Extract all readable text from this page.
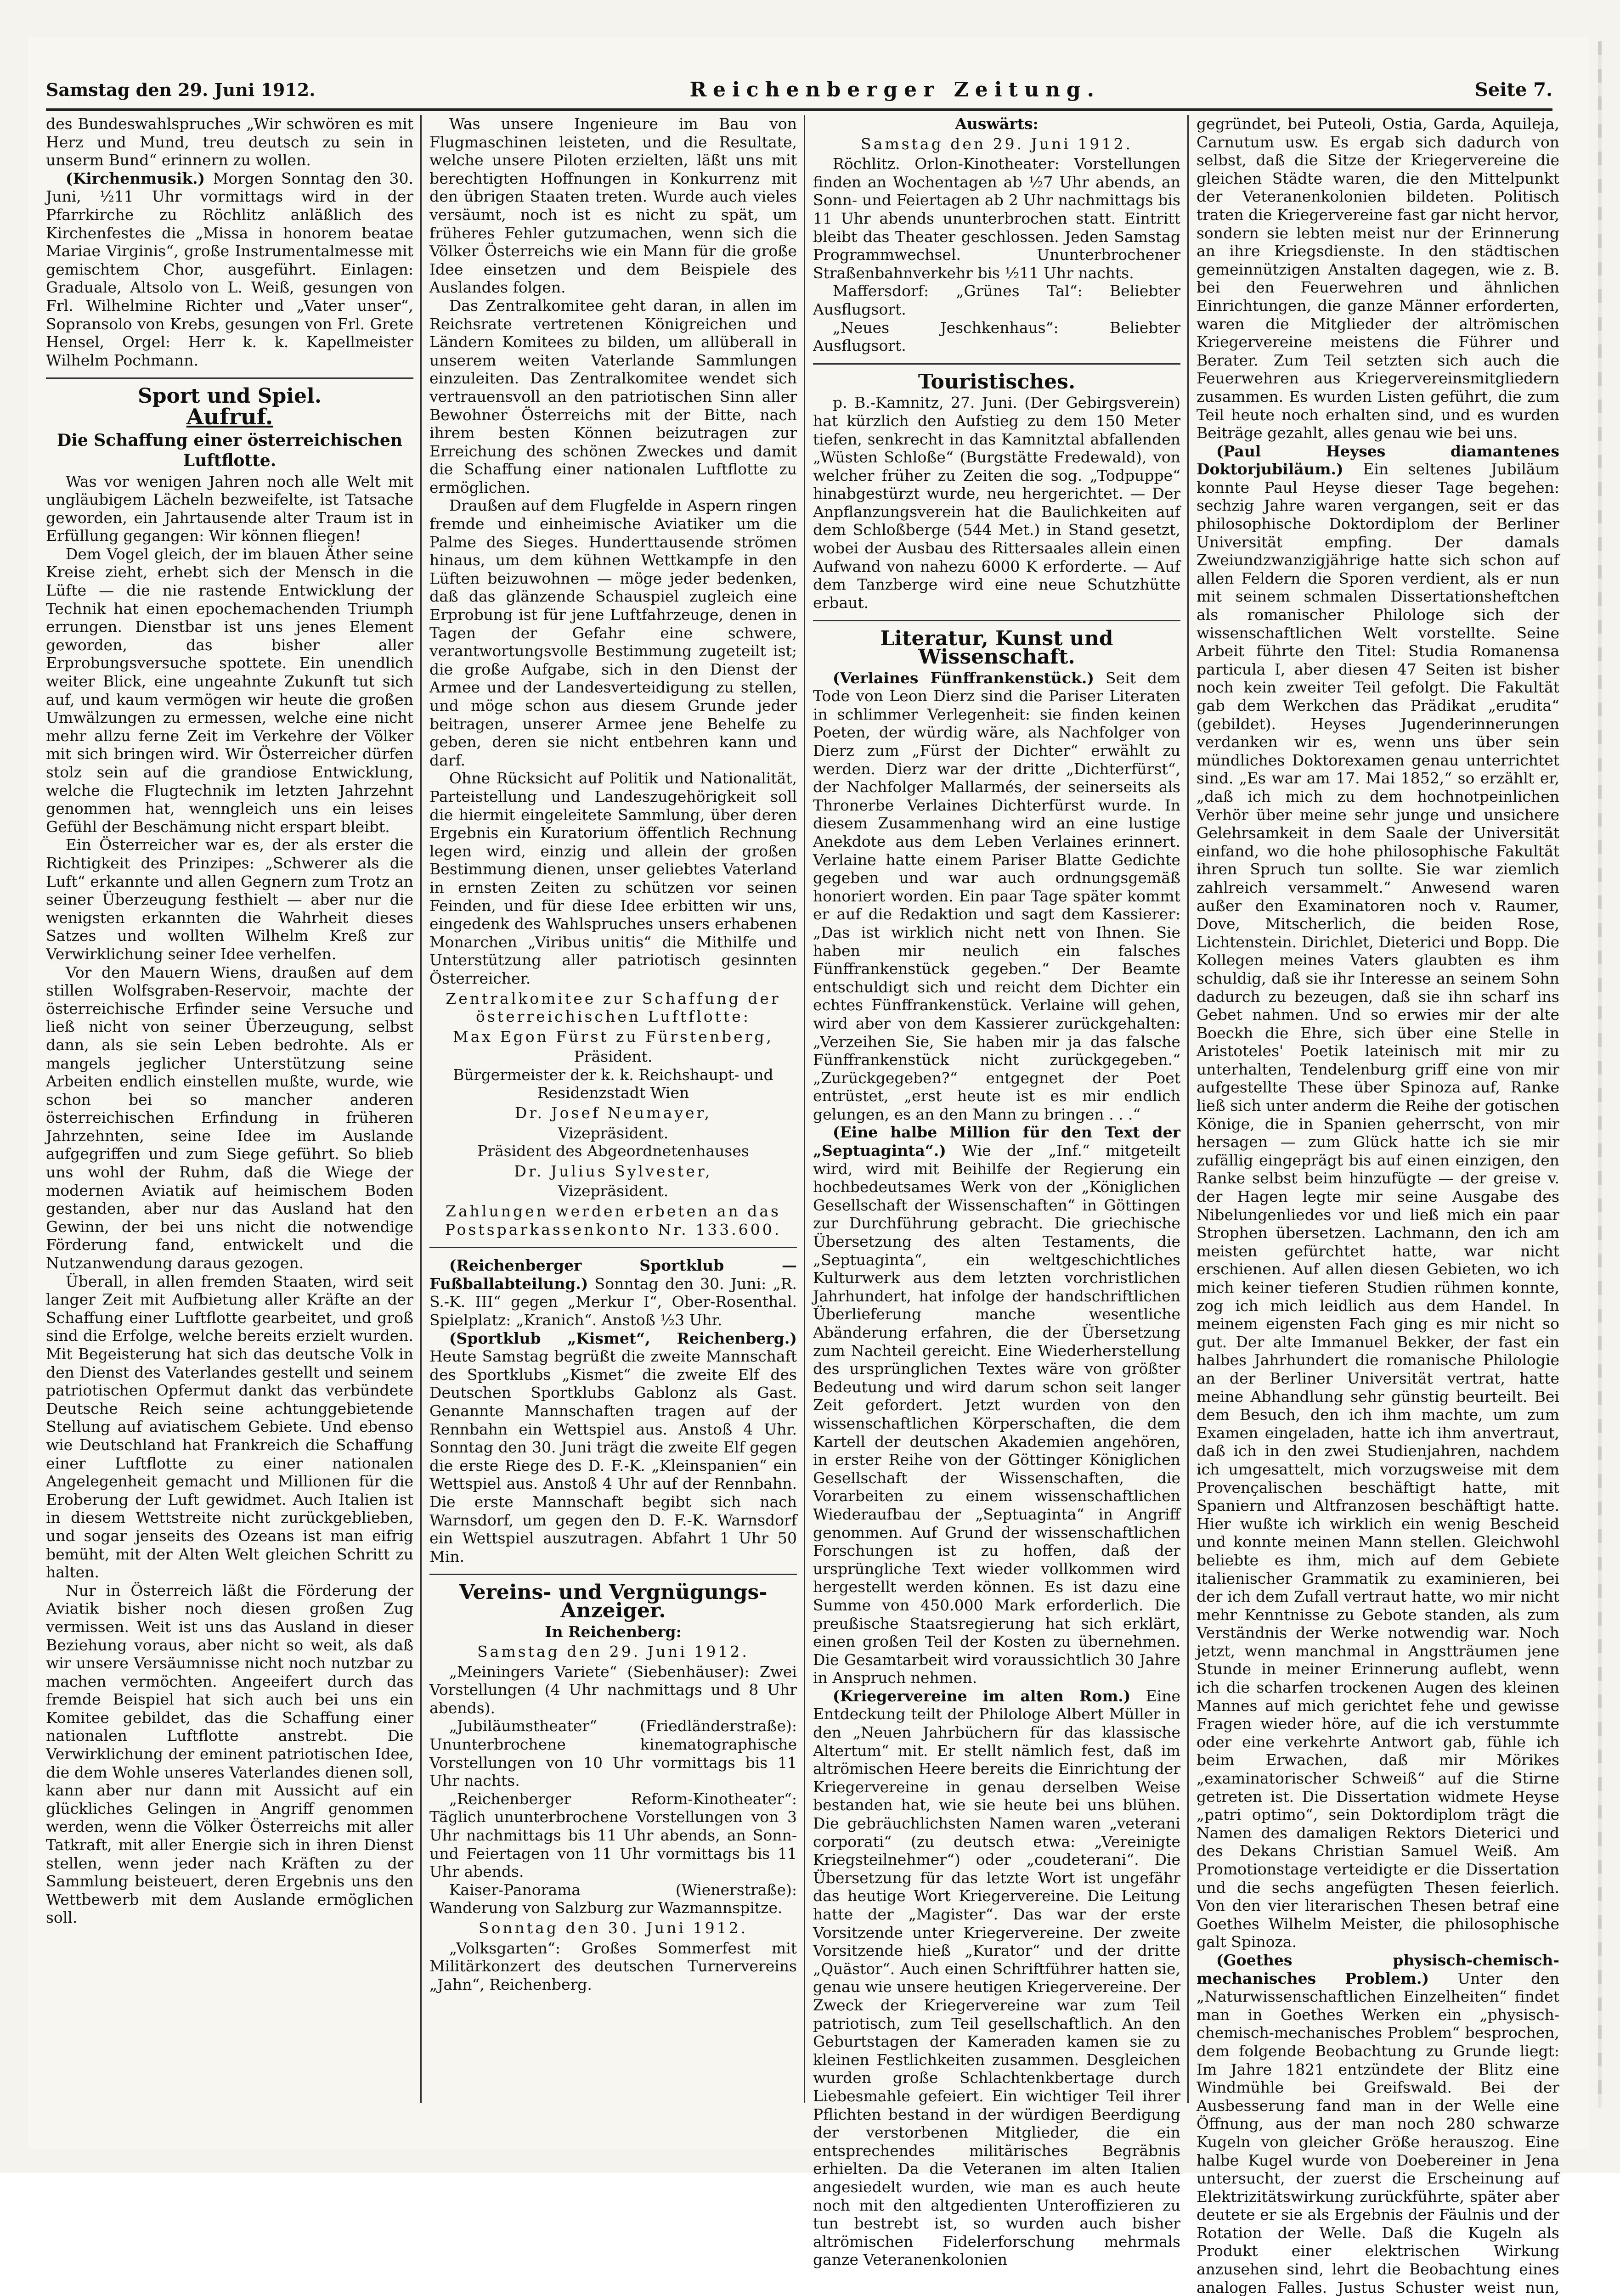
Samstag den 29. Juni 1912.	Reichenberger Zeitung.	Seite 7.

des Bundeswahlspruches „Wir schwören es mit Herz und Mund, treu deutsch zu sein in unserm Bund“ erinnern zu wollen.

(Kirchenmusik.) Morgen Sonntag den 30. Juni, ½11 Uhr vormittags wird in der Pfarrkirche zu Röchlitz anläßlich des Kirchenfestes die „Missa in honorem beatae Mariae Virginis“, große Instrumentalmesse mit gemischtem Chor, ausgeführt. Einlagen: Graduale, Altsolo von L. Weiß, gesungen von Frl. Wilhelmine Richter und „Vater unser“, Sopransolo von Krebs, gesungen von Frl. Grete Hensel, Orgel: Herr k. k. Kapellmeister Wilhelm Pochmann.

Sport und Spiel.
Aufruf.
Die Schaffung einer österreichischen Luftflotte.

Was vor wenigen Jahren noch alle Welt mit ungläubigem Lächeln bezweifelte, ist Tatsache geworden, ein Jahrtausende alter Traum ist in Erfüllung gegangen: Wir können fliegen!

Dem Vogel gleich, der im blauen Äther seine Kreise zieht, erhebt sich der Mensch in die Lüfte — die nie rastende Entwicklung der Technik hat einen epochemachenden Triumph errungen. Dienstbar ist uns jenes Element geworden, das bisher aller Erprobungsversuche spottete. Ein unendlich weiter Blick, eine ungeahnte Zukunft tut sich auf, und kaum vermögen wir heute die großen Umwälzungen zu ermessen, welche eine nicht mehr allzu ferne Zeit im Verkehre der Völker mit sich bringen wird. Wir Österreicher dürfen stolz sein auf die grandiose Entwicklung, welche die Flugtechnik im letzten Jahrzehnt genommen hat, wenngleich uns ein leises Gefühl der Beschämung nicht erspart bleibt.

Ein Österreicher war es, der als erster die Richtigkeit des Prinzipes: „Schwerer als die Luft“ erkannte und allen Gegnern zum Trotz an seiner Überzeugung festhielt — aber nur die wenigsten erkannten die Wahrheit dieses Satzes und wollten Wilhelm Kreß zur Verwirklichung seiner Idee verhelfen.

Vor den Mauern Wiens, draußen auf dem stillen Wolfsgraben-Reservoir, machte der österreichische Erfinder seine Versuche und ließ nicht von seiner Überzeugung, selbst dann, als sie sein Leben bedrohte. Als er mangels jeglicher Unterstützung seine Arbeiten endlich einstellen mußte, wurde, wie schon bei so mancher anderen österreichischen Erfindung in früheren Jahrzehnten, seine Idee im Auslande aufgegriffen und zum Siege geführt. So blieb uns wohl der Ruhm, daß die Wiege der modernen Aviatik auf heimischem Boden gestanden, aber nur das Ausland hat den Gewinn, der bei uns nicht die notwendige Förderung fand, entwickelt und die Nutzanwendung daraus gezogen.

Überall, in allen fremden Staaten, wird seit langer Zeit mit Aufbietung aller Kräfte an der Schaffung einer Luftflotte gearbeitet, und groß sind die Erfolge, welche bereits erzielt wurden. Mit Begeisterung hat sich das deutsche Volk in den Dienst des Vaterlandes gestellt und seinem patriotischen Opfermut dankt das verbündete Deutsche Reich seine achtunggebietende Stellung auf aviatischem Gebiete. Und ebenso wie Deutschland hat Frankreich die Schaffung einer Luftflotte zu einer nationalen Angelegenheit gemacht und Millionen für die Eroberung der Luft gewidmet. Auch Italien ist in diesem Wettstreite nicht zurückgeblieben, und sogar jenseits des Ozeans ist man eifrig bemüht, mit der Alten Welt gleichen Schritt zu halten.

Nur in Österreich läßt die Förderung der Aviatik bisher noch diesen großen Zug vermissen. Weit ist uns das Ausland in dieser Beziehung voraus, aber nicht so weit, als daß wir unsere Versäumnisse nicht noch nutzbar zu machen vermöchten. Angeeifert durch das fremde Beispiel hat sich auch bei uns ein Komitee gebildet, das die Schaffung einer nationalen Luftflotte anstrebt. Die Verwirklichung der eminent patriotischen Idee, die dem Wohle unseres Vaterlandes dienen soll, kann aber nur dann mit Aussicht auf ein glückliches Gelingen in Angriff genommen werden, wenn die Völker Österreichs mit aller Tatkraft, mit aller Energie sich in ihren Dienst stellen, wenn jeder nach Kräften zu der Sammlung beisteuert, deren Ergebnis uns den Wettbewerb mit dem Auslande ermöglichen soll.

Was unsere Ingenieure im Bau von Flugmaschinen leisteten, und die Resultate, welche unsere Piloten erzielten, läßt uns mit berechtigten Hoffnungen in Konkurrenz mit den übrigen Staaten treten. Wurde auch vieles versäumt, noch ist es nicht zu spät, um früheres Fehler gutzumachen, wenn sich die Völker Österreichs wie ein Mann für die große Idee einsetzen und dem Beispiele des Auslandes folgen.

Das Zentralkomitee geht daran, in allen im Reichsrate vertretenen Königreichen und Ländern Komitees zu bilden, um allüberall in unserem weiten Vaterlande Sammlungen einzuleiten. Das Zentralkomitee wendet sich vertrauensvoll an den patriotischen Sinn aller Bewohner Österreichs mit der Bitte, nach ihrem besten Können beizutragen zur Erreichung des schönen Zweckes und damit die Schaffung einer nationalen Luftflotte zu ermöglichen.

Draußen auf dem Flugfelde in Aspern ringen fremde und einheimische Aviatiker um die Palme des Sieges. Hunderttausende strömen hinaus, um dem kühnen Wettkampfe in den Lüften beizuwohnen — möge jeder bedenken, daß das glänzende Schauspiel zugleich eine Erprobung ist für jene Luftfahrzeuge, denen in Tagen der Gefahr eine schwere, verantwortungsvolle Bestimmung zugeteilt ist; die große Aufgabe, sich in den Dienst der Armee und der Landesverteidigung zu stellen, und möge schon aus diesem Grunde jeder beitragen, unserer Armee jene Behelfe zu geben, deren sie nicht entbehren kann und darf.

Ohne Rücksicht auf Politik und Nationalität, Parteistellung und Landeszugehörigkeit soll die hiermit eingeleitete Sammlung, über deren Ergebnis ein Kuratorium öffentlich Rechnung legen wird, einzig und allein der großen Bestimmung dienen, unser geliebtes Vaterland in ernsten Zeiten zu schützen vor seinen Feinden, und für diese Idee erbitten wir uns, eingedenk des Wahlspruches unsers erhabenen Monarchen „Viribus unitis“ die Mithilfe und Unterstützung aller patriotisch gesinnten Österreicher.

Zentralkomitee zur Schaffung der österreichischen Luftflotte:

Max Egon Fürst zu Fürstenberg,

Präsident.

Bürgermeister der k. k. Reichshaupt- und Residenzstadt Wien

Dr. Josef Neumayer,

Vizepräsident.

Präsident des Abgeordnetenhauses

Dr. Julius Sylvester,

Vizepräsident.

Zahlungen werden erbeten an das Postsparkassenkonto Nr. 133.600.

(Reichenberger Sportklub — Fußballabteilung.) Sonntag den 30. Juni: „R. S.-K. III“ gegen „Merkur I“, Ober-Rosenthal. Spielplatz: „Kranich“. Anstoß ½3 Uhr.

(Sportklub „Kismet“, Reichenberg.) Heute Samstag begrüßt die zweite Mannschaft des Sportklubs „Kismet“ die zweite Elf des Deutschen Sportklubs Gablonz als Gast. Genannte Mannschaften tragen auf der Rennbahn ein Wettspiel aus. Anstoß 4 Uhr. Sonntag den 30. Juni trägt die zweite Elf gegen die erste Riege des D. F.-K. „Kleinspanien“ ein Wettspiel aus. Anstoß 4 Uhr auf der Rennbahn. Die erste Mannschaft begibt sich nach Warnsdorf, um gegen den D. F.-K. Warnsdorf ein Wettspiel auszutragen. Abfahrt 1 Uhr 50 Min.

Vereins- und Vergnügungs-Anzeiger.

In Reichenberg:

Samstag den 29. Juni 1912.

„Meiningers Variete“ (Siebenhäuser): Zwei Vorstellungen (4 Uhr nachmittags und 8 Uhr abends).

„Jubiläumstheater“ (Friedländerstraße): Ununterbrochene kinematographische Vorstellungen von 10 Uhr vormittags bis 11 Uhr nachts.

„Reichenberger Reform-Kinotheater“: Täglich ununterbrochene Vorstellungen von 3 Uhr nachmittags bis 11 Uhr abends, an Sonn- und Feiertagen von 11 Uhr vormittags bis 11 Uhr abends.

Kaiser-Panorama (Wienerstraße): Wanderung von Salzburg zur Wazmannspitze.

Sonntag den 30. Juni 1912.

„Volksgarten“: Großes Sommerfest mit Militärkonzert des deutschen Turnervereins „Jahn“, Reichenberg.

Auswärts:

Samstag den 29. Juni 1912.

Röchlitz. Orlon-Kinotheater: Vorstellungen finden an Wochentagen ab ½7 Uhr abends, an Sonn- und Feiertagen ab 2 Uhr nachmittags bis 11 Uhr abends ununterbrochen statt. Eintritt bleibt das Theater geschlossen. Jeden Samstag Programmwechsel. Ununterbrochener Straßenbahnverkehr bis ½11 Uhr nachts.

Maffersdorf: „Grünes Tal“: Beliebter Ausflugsort.

„Neues Jeschkenhaus“: Beliebter Ausflugsort.

Touristisches.

p. B.-Kamnitz, 27. Juni. (Der Gebirgsverein) hat kürzlich den Aufstieg zu dem 150 Meter tiefen, senkrecht in das Kamnitztal abfallenden „Wüsten Schloße“ (Burgstätte Fredewald), von welcher früher zu Zeiten die sog. „Todpuppe“ hinabgestürzt wurde, neu hergerichtet. — Der Anpflanzungsverein hat die Baulichkeiten auf dem Schloßberge (544 Met.) in Stand gesetzt, wobei der Ausbau des Rittersaales allein einen Aufwand von nahezu 6000 K erforderte. — Auf dem Tanzberge wird eine neue Schutzhütte erbaut.

Literatur, Kunst und Wissenschaft.

(Verlaines Fünffrankenstück.) Seit dem Tode von Leon Dierz sind die Pariser Literaten in schlimmer Verlegenheit: sie finden keinen Poeten, der würdig wäre, als Nachfolger von Dierz zum „Fürst der Dichter“ erwählt zu werden. Dierz war der dritte „Dichterfürst“, der Nachfolger Mallarmés, der seinerseits als Thronerbe Verlaines Dichterfürst wurde. In diesem Zusammenhang wird an eine lustige Anekdote aus dem Leben Verlaines erinnert. Verlaine hatte einem Pariser Blatte Gedichte gegeben und war auch ordnungsgemäß honoriert worden. Ein paar Tage später kommt er auf die Redaktion und sagt dem Kassierer: „Das ist wirklich nicht nett von Ihnen. Sie haben mir neulich ein falsches Fünffrankenstück gegeben.“ Der Beamte entschuldigt sich und reicht dem Dichter ein echtes Fünffrankenstück. Verlaine will gehen, wird aber von dem Kassierer zurückgehalten: „Verzeihen Sie, Sie haben mir ja das falsche Fünffrankenstück nicht zurückgegeben.“ „Zurückgegeben?“ entgegnet der Poet entrüstet, „erst heute ist es mir endlich gelungen, es an den Mann zu bringen . . .“

(Eine halbe Million für den Text der „Septuaginta“.) Wie der „Inf.“ mitgeteilt wird, wird mit Beihilfe der Regierung ein hochbedeutsames Werk von der „Königlichen Gesellschaft der Wissenschaften“ in Göttingen zur Durchführung gebracht. Die griechische Übersetzung des alten Testaments, die „Septuaginta“, ein weltgeschichtliches Kulturwerk aus dem letzten vorchristlichen Jahrhundert, hat infolge der handschriftlichen Überlieferung manche wesentliche Abänderung erfahren, die der Übersetzung zum Nachteil gereicht. Eine Wiederherstellung des ursprünglichen Textes wäre von größter Bedeutung und wird darum schon seit langer Zeit gefordert. Jetzt wurden von den wissenschaftlichen Körperschaften, die dem Kartell der deutschen Akademien angehören, in erster Reihe von der Göttinger Königlichen Gesellschaft der Wissenschaften, die Vorarbeiten zu einem wissenschaftlichen Wiederaufbau der „Septuaginta“ in Angriff genommen. Auf Grund der wissenschaftlichen Forschungen ist zu hoffen, daß der ursprüngliche Text wieder vollkommen wird hergestellt werden können. Es ist dazu eine Summe von 450.000 Mark erforderlich. Die preußische Staatsregierung hat sich erklärt, einen großen Teil der Kosten zu übernehmen. Die Gesamtarbeit wird voraussichtlich 30 Jahre in Anspruch nehmen.

(Kriegervereine im alten Rom.) Eine Entdeckung teilt der Philologe Albert Müller in den „Neuen Jahrbüchern für das klassische Altertum“ mit. Er stellt nämlich fest, daß im altrömischen Heere bereits die Einrichtung der Kriegervereine in genau derselben Weise bestanden hat, wie sie heute bei uns blühen. Die gebräuchlichsten Namen waren „veterani corporati“ (zu deutsch etwa: „Vereinigte Kriegsteilnehmer“) oder „coudeterani“. Die Übersetzung für das letzte Wort ist ungefähr das heutige Wort Kriegervereine. Die Leitung hatte der „Magister“. Das war der erste Vorsitzende unter Kriegervereine. Der zweite Vorsitzende hieß „Kurator“ und der dritte „Quästor“. Auch einen Schriftführer hatten sie, genau wie unsere heutigen Kriegervereine. Der Zweck der Kriegervereine war zum Teil patriotisch, zum Teil gesellschaftlich. An den Geburtstagen der Kameraden kamen sie zu kleinen Festlichkeiten zusammen. Desgleichen wurden große Schlachtenkbertage durch Liebesmahle gefeiert. Ein wichtiger Teil ihrer Pflichten bestand in der würdigen Beerdigung der verstorbenen Mitglieder, die ein entsprechendes militärisches Begräbnis erhielten. Da die Veteranen im alten Italien angesiedelt wurden, wie man es auch heute noch mit den altgedienten Unteroffizieren zu tun bestrebt ist, so wurden auch bisher altrömischen Fidelerforschung mehrmals ganze Veteranenkolonien

gegründet, bei Puteoli, Ostia, Garda, Aquileja, Carnutum usw. Es ergab sich dadurch von selbst, daß die Sitze der Kriegervereine die gleichen Städte waren, die den Mittelpunkt der Veteranenkolonien bildeten. Politisch traten die Kriegervereine fast gar nicht hervor, sondern sie lebten meist nur der Erinnerung an ihre Kriegsdienste. In den städtischen gemeinnützigen Anstalten dagegen, wie z. B. bei den Feuerwehren und ähnlichen Einrichtungen, die ganze Männer erforderten, waren die Mitglieder der altrömischen Kriegervereine meistens die Führer und Berater. Zum Teil setzten sich auch die Feuerwehren aus Kriegervereinsmitgliedern zusammen. Es wurden Listen geführt, die zum Teil heute noch erhalten sind, und es wurden Beiträge gezahlt, alles genau wie bei uns.

(Paul Heyses diamantenes Doktorjubiläum.) Ein seltenes Jubiläum konnte Paul Heyse dieser Tage begehen: sechzig Jahre waren vergangen, seit er das philosophische Doktordiplom der Berliner Universität empfing. Der damals Zweiundzwanzigjährige hatte sich schon auf allen Feldern die Sporen verdient, als er nun mit seinem schmalen Dissertationsheftchen als romanischer Philologe sich der wissenschaftlichen Welt vorstellte. Seine Arbeit führte den Titel: Studia Romanensa particula I, aber diesen 47 Seiten ist bisher noch kein zweiter Teil gefolgt. Die Fakultät gab dem Werkchen das Prädikat „erudita“ (gebildet). Heyses Jugenderinnerungen verdanken wir es, wenn uns über sein mündliches Doktorexamen genau unterrichtet sind. „Es war am 17. Mai 1852,“ so erzählt er, „daß ich mich zu dem hochnotpeinlichen Verhör über meine sehr junge und unsichere Gelehrsamkeit in dem Saale der Universität einfand, wo die hohe philosophische Fakultät ihren Spruch tun sollte. Sie war ziemlich zahlreich versammelt.“ Anwesend waren außer den Examinatoren noch v. Raumer, Dove, Mitscherlich, die beiden Rose, Lichtenstein. Dirichlet, Dieterici und Bopp. Die Kollegen meines Vaters glaubten es ihm schuldig, daß sie ihr Interesse an seinem Sohn dadurch zu bezeugen, daß sie ihn scharf ins Gebet nahmen. Und so erwies mir der alte Boeckh die Ehre, sich über eine Stelle in Aristoteles' Poetik lateinisch mit mir zu unterhalten, Tendelenburg griff eine von mir aufgestellte These über Spinoza auf, Ranke ließ sich unter anderm die Reihe der gotischen Könige, die in Spanien geherrscht, von mir hersagen — zum Glück hatte ich sie mir zufällig eingeprägt bis auf einen einzigen, den Ranke selbst beim hinzufügte — der greise v. der Hagen legte mir seine Ausgabe des Nibelungenliedes vor und ließ mich ein paar Strophen übersetzen. Lachmann, den ich am meisten gefürchtet hatte, war nicht erschienen. Auf allen diesen Gebieten, wo ich mich keiner tieferen Studien rühmen konnte, zog ich mich leidlich aus dem Handel. In meinem eigensten Fach ging es mir nicht so gut. Der alte Immanuel Bekker, der fast ein halbes Jahrhundert die romanische Philologie an der Berliner Universität vertrat, hatte meine Abhandlung sehr günstig beurteilt. Bei dem Besuch, den ich ihm machte, um zum Examen eingeladen, hatte ich ihm anvertraut, daß ich in den zwei Studienjahren, nachdem ich umgesattelt, mich vorzugsweise mit dem Provençalischen beschäftigt hatte, mit Spaniern und Altfranzosen beschäftigt hatte. Hier wußte ich wirklich ein wenig Bescheid und konnte meinen Mann stellen. Gleichwohl beliebte es ihm, mich auf dem Gebiete italienischer Grammatik zu examinieren, bei der ich dem Zufall vertraut hatte, wo mir nicht mehr Kenntnisse zu Gebote standen, als zum Verständnis der Werke notwendig war. Noch jetzt, wenn manchmal in Angstträumen jene Stunde in meiner Erinnerung auflebt, wenn ich die scharfen trockenen Augen des kleinen Mannes auf mich gerichtet fehe und gewisse Fragen wieder höre, auf die ich verstummte oder eine verkehrte Antwort gab, fühle ich beim Erwachen, daß mir Mörikes „examinatorischer Schweiß“ auf die Stirne getreten ist. Die Dissertation widmete Heyse „patri optimo“, sein Doktordiplom trägt die Namen des damaligen Rektors Dieterici und des Dekans Christian Samuel Weiß. Am Promotionstage verteidigte er die Dissertation und die sechs angefügten Thesen feierlich. Von den vier literarischen Thesen betraf eine Goethes Wilhelm Meister, die philosophische galt Spinoza.

(Goethes physisch-chemisch-mechanisches Problem.) Unter den „Naturwissenschaftlichen Einzelheiten“ findet man in Goethes Werken ein „physisch-chemisch-mechanisches Problem“ besprochen, dem folgende Beobachtung zu Grunde liegt: Im Jahre 1821 entzündete der Blitz eine Windmühle bei Greifswald. Bei der Ausbesserung fand man in der Welle eine Öffnung, aus der man noch 280 schwarze Kugeln von gleicher Größe herauszog. Eine halbe Kugel wurde von Doebereiner in Jena untersucht, der zuerst die Erscheinung auf Elektrizitätswirkung zurückführte, später aber deutete er sie als Ergebnis der Fäulnis und der Rotation der Welle. Daß die Kugeln als Produkt einer elektrischen Wirkung anzusehen sind, lehrt die Beobachtung eines analogen Falles. Justus Schuster weist nun,
